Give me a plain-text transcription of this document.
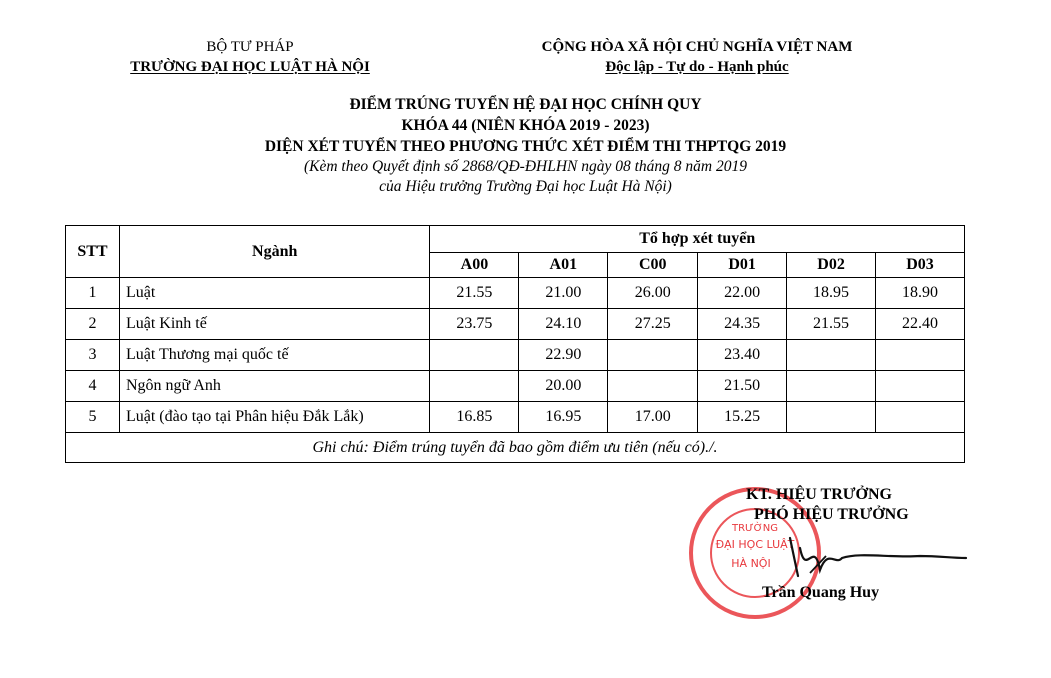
BỘ TƯ PHÁP
TRƯỜNG ĐẠI HỌC LUẬT HÀ NỘI
CỘNG HÒA XÃ HỘI CHỦ NGHĨA VIỆT NAM
Độc lập - Tự do - Hạnh phúc
ĐIỂM TRÚNG TUYỂN HỆ ĐẠI HỌC CHÍNH QUY
KHÓA 44 (NIÊN KHÓA 2019 - 2023)
DIỆN XÉT TUYỂN THEO PHƯƠNG THỨC XÉT ĐIỂM THI THPTQG 2019
(Kèm theo Quyết định số 2868/QĐ-ĐHLHN ngày 08 tháng 8 năm 2019
của Hiệu trưởng Trường Đại học Luật Hà Nội)
STT	Ngành	Tổ hợp xét tuyển					
		A00	A01	C00	D01	D02	D03
1	Luật	21.55	21.00	26.00	22.00	18.95	18.90
2	Luật Kinh tế	23.75	24.10	27.25	24.35	21.55	22.40
3	Luật Thương mại quốc tế		22.90		23.40		
4	Ngôn ngữ Anh		20.00		21.50		
5	Luật (đào tạo tại Phân hiệu Đắk Lắk)	16.85	16.95	17.00	15.25		
Ghi chú: Điểm trúng tuyển đã bao gồm điểm ưu tiên (nếu có)./.							
TRƯỜNG
ĐẠI HỌC LUẬT
HÀ NỘI
KT. HIỆU TRƯỞNG
PHÓ HIỆU TRƯỞNG
Trần Quang Huy
